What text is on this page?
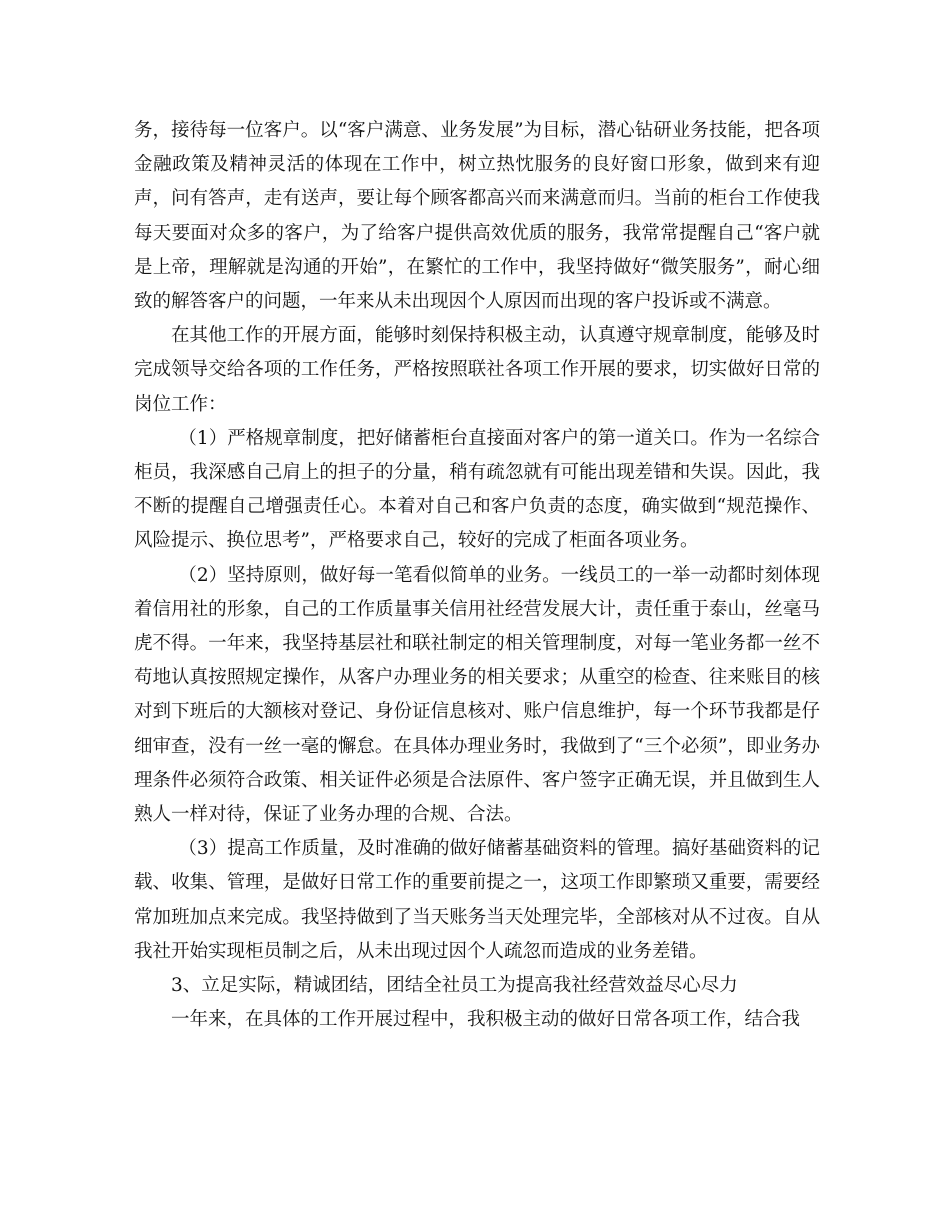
务，接待每一位客户。以“客户满意、业务发展”为目标，潜心钻研业务技能，把各项金融政策及精神灵活的体现在工作中，树立热忱服务的良好窗口形象，做到来有迎声，问有答声，走有送声，要让每个顾客都高兴而来满意而归。当前的柜台工作使我每天要面对众多的客户，为了给客户提供高效优质的服务，我常常提醒自己“客户就是上帝，理解就是沟通的开始”，在繁忙的工作中，我坚持做好“微笑服务”，耐心细致的解答客户的问题，一年来从未出现因个人原因而出现的客户投诉或不满意。

在其他工作的开展方面，能够时刻保持积极主动，认真遵守规章制度，能够及时完成领导交给各项的工作任务，严格按照联社各项工作开展的要求，切实做好日常的岗位工作：

（1）严格规章制度，把好储蓄柜台直接面对客户的第一道关口。作为一名综合柜员，我深感自己肩上的担子的分量，稍有疏忽就有可能出现差错和失误。因此，我不断的提醒自己增强责任心。本着对自己和客户负责的态度，确实做到“规范操作、风险提示、换位思考”，严格要求自己，较好的完成了柜面各项业务。

（2）坚持原则，做好每一笔看似简单的业务。一线员工的一举一动都时刻体现着信用社的形象，自己的工作质量事关信用社经营发展大计，责任重于泰山，丝毫马虎不得。一年来，我坚持基层社和联社制定的相关管理制度，对每一笔业务都一丝不苟地认真按照规定操作，从客户办理业务的相关要求；从重空的检查、往来账目的核对到下班后的大额核对登记、身份证信息核对、账户信息维护，每一个环节我都是仔细审查，没有一丝一毫的懈怠。在具体办理业务时，我做到了“三个必须”，即业务办理条件必须符合政策、相关证件必须是合法原件、客户签字正确无误，并且做到生人熟人一样对待，保证了业务办理的合规、合法。

（3）提高工作质量，及时准确的做好储蓄基础资料的管理。搞好基础资料的记载、收集、管理，是做好日常工作的重要前提之一，这项工作即繁琐又重要，需要经常加班加点来完成。我坚持做到了当天账务当天处理完毕，全部核对从不过夜。自从我社开始实现柜员制之后，从未出现过因个人疏忽而造成的业务差错。

3、立足实际，精诚团结，团结全社员工为提高我社经营效益尽心尽力

一年来，在具体的工作开展过程中，我积极主动的做好日常各项工作，结合我
